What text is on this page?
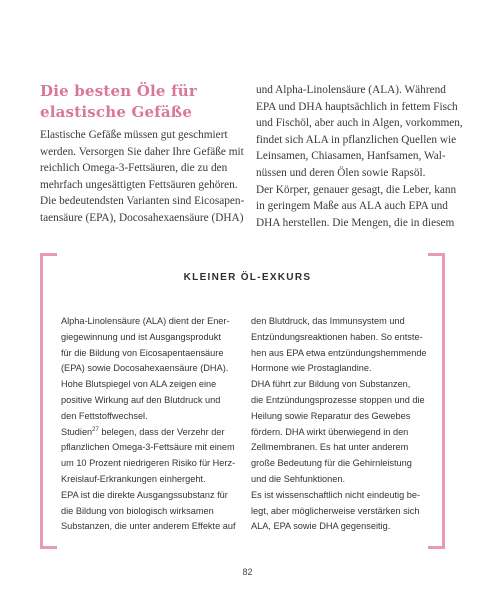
Die besten Öle für
elastische Gefäße
Elastische Gefäße müssen gut geschmiert
werden. Versorgen Sie daher Ihre Gefäße mit
reichlich Omega-3-Fettsäuren, die zu den
mehrfach ungesättigten Fettsäuren gehören.
Die bedeutendsten Varianten sind Eicosapen-
taensäure (EPA), Docosahexaensäure (DHA)
und Alpha-Linolensäure (ALA). Während
EPA und DHA hauptsächlich in fettem Fisch
und Fischöl, aber auch in Algen, vorkommen,
findet sich ALA in pflanzlichen Quellen wie
Leinsamen, Chiasamen, Hanfsamen, Wal-
nüssen und deren Ölen sowie Rapsöl.
Der Körper, genauer gesagt, die Leber, kann
in geringem Maße aus ALA auch EPA und
DHA herstellen. Die Mengen, die in diesem
KLEINER ÖL-EXKURS
Alpha-Linolensäure (ALA) dient der Ener-
giegewinnung und ist Ausgangsprodukt
für die Bildung von Eicosapentaensäure
(EPA) sowie Docosahexaensäure (DHA).
Hohe Blutspiegel von ALA zeigen eine
positive Wirkung auf den Blutdruck und
den Fettstoffwechsel.
Studien$^{27}$ belegen, dass der Verzehr der
pflanzlichen Omega-3-Fettsäure mit einem
um 10 Prozent niedrigeren Risiko für Herz-
Kreislauf-Erkrankungen einhergeht.
EPA ist die direkte Ausgangssubstanz für
die Bildung von biologisch wirksamen
Substanzen, die unter anderem Effekte auf
den Blutdruck, das Immunsystem und
Entzündungsreaktionen haben. So entste-
hen aus EPA etwa entzündungshemmende
Hormone wie Prostaglandine.
DHA führt zur Bildung von Substanzen,
die Entzündungsprozesse stoppen und die
Heilung sowie Reparatur des Gewebes
fördern. DHA wirkt überwiegend in den
Zellmembranen. Es hat unter anderem
große Bedeutung für die Gehirnleistung
und die Sehfunktionen.
Es ist wissenschaftlich nicht eindeutig be-
legt, aber möglicherweise verstärken sich
ALA, EPA sowie DHA gegenseitig.
82
